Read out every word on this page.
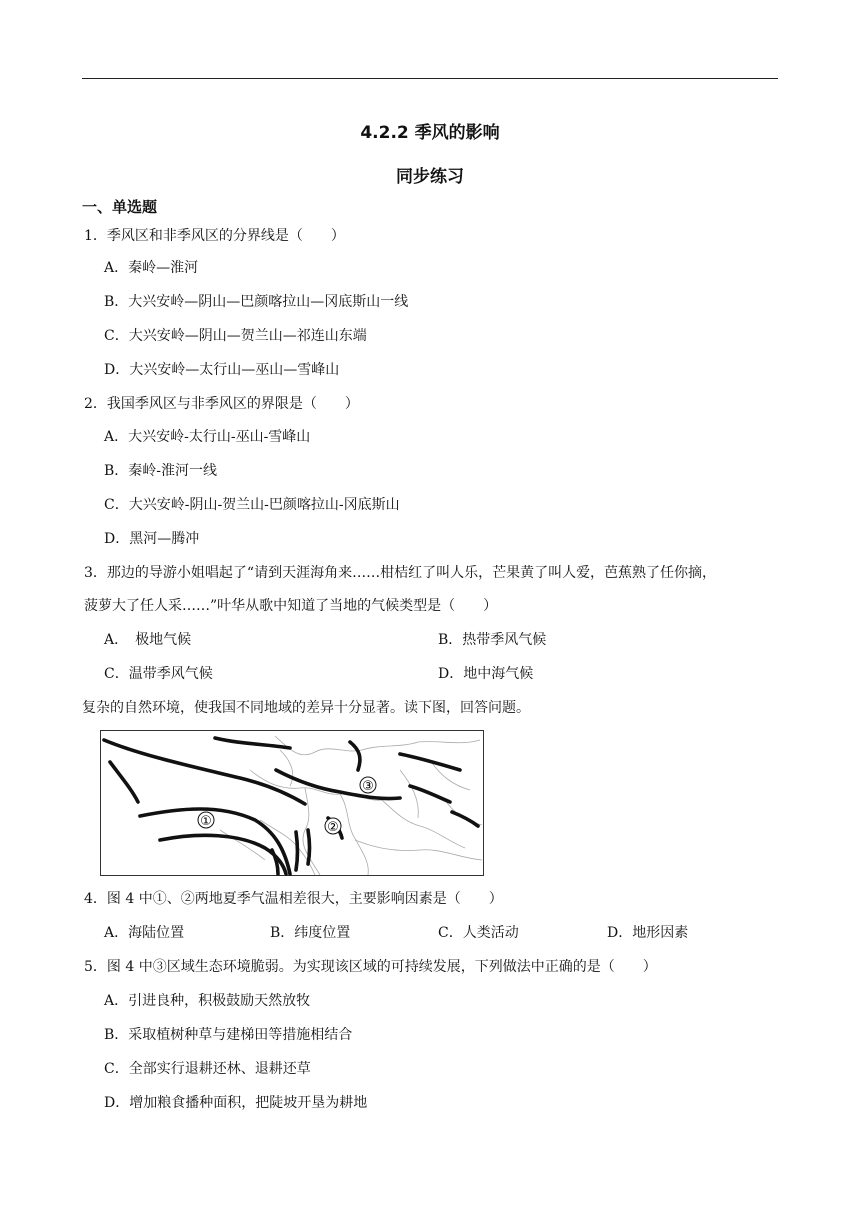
4.2.2 季风的影响
同步练习
一、单选题
1．季风区和非季风区的分界线是（　　）
A．秦岭—淮河
B．大兴安岭—阴山—巴颜喀拉山—冈底斯山一线
C．大兴安岭—阴山—贺兰山—祁连山东端
D．大兴安岭—太行山—巫山—雪峰山
2．我国季风区与非季风区的界限是（　　）
A．大兴安岭-太行山-巫山-雪峰山
B．秦岭-淮河一线
C．大兴安岭-阴山-贺兰山-巴颜喀拉山-冈底斯山
D．黑河—腾冲
3．那边的导游小姐唱起了“请到天涯海角来……柑桔红了叫人乐，芒果黄了叫人爱，芭蕉熟了任你摘，
菠萝大了任人采……”叶华从歌中知道了当地的气候类型是（　　）
A．　极地气候	B．热带季风气候
C．温带季风气候	D．地中海气候
复杂的自然环境，使我国不同地域的差异十分显著。读下图，回答问题。
①	②
③
4．图 4 中①、②两地夏季气温相差很大，主要影响因素是（　　）
A．海陆位置	B．纬度位置	C．人类活动	D．地形因素
5．图 4 中③区域生态环境脆弱。为实现该区域的可持续发展，下列做法中正确的是（　　）
A．引进良种，积极鼓励天然放牧
B．采取植树种草与建梯田等措施相结合
C．全部实行退耕还林、退耕还草
D．增加粮食播种面积，把陡坡开垦为耕地
